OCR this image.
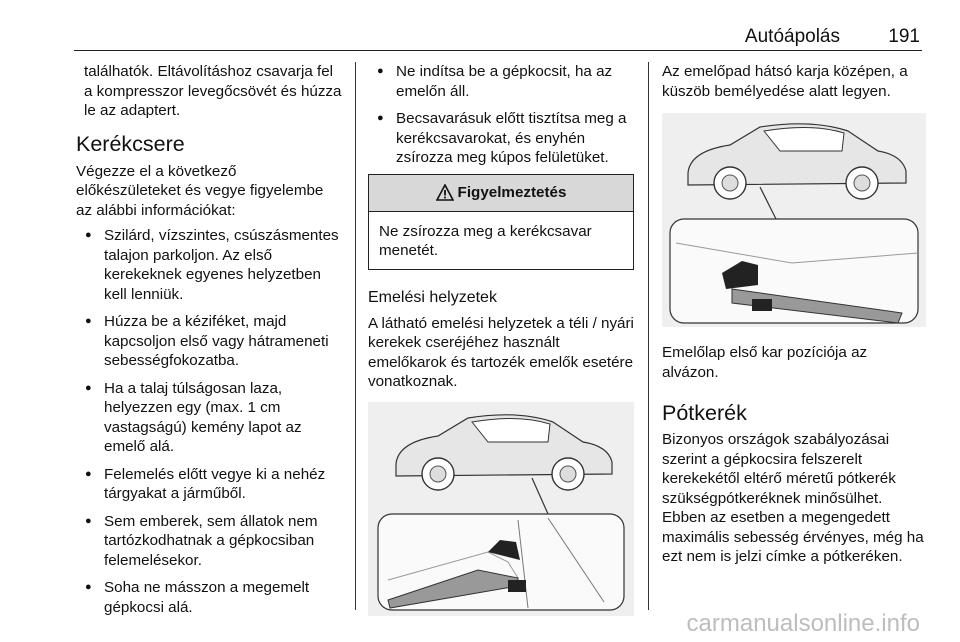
Autóápolás	191

találhatók. Eltávolításhoz csavarja fel a kompresszor levegőcsövét és húzza le az adaptert.

Kerékcsere

Végezze el a következő előkészületeket és vegye figyelembe az alábbi információkat:

● Szilárd, vízszintes, csúszásmentes talajon parkoljon. Az első kerekeknek egyenes helyzetben kell lenniük.
● Húzza be a kéziféket, majd kapcsoljon első vagy hátrameneti sebességfokozatba.
● Ha a talaj túlságosan laza, helyezzen egy (max. 1 cm vastagságú) kemény lapot az emelő alá.
● Felemelés előtt vegye ki a nehéz tárgyakat a járműből.
● Sem emberek, sem állatok nem tartózkodhatnak a gépkocsiban felemelésekor.
● Soha ne másszon a megemelt gépkocsi alá.
● Ne indítsa be a gépkocsit, ha az emelőn áll.
● Becsavarásuk előtt tisztítsa meg a kerékcsavarokat, és enyhén zsírozza meg kúpos felületüket.
Figyelmeztetés
Ne zsírozza meg a kerékcsavar menetét.
Emelési helyzetek

A látható emelési helyzetek a téli / nyári kerekek cseréjéhez használt emelőkarok és tartozék emelők esetére vonatkoznak.

Az emelőpad hátsó karja középen, a küszöb bemélyedése alatt legyen.

Emelőlap első kar pozíciója az alvázon.

Pótkerék

Bizonyos országok szabályozásai szerint a gépkocsira felszerelt kerekekétől eltérő méretű pótkerék szükségpótkeréknek minősülhet. Ebben az esetben a megengedett maximális sebesség érvényes, még ha ezt nem is jelzi címke a pótkeréken.

carmanualsonline.info
